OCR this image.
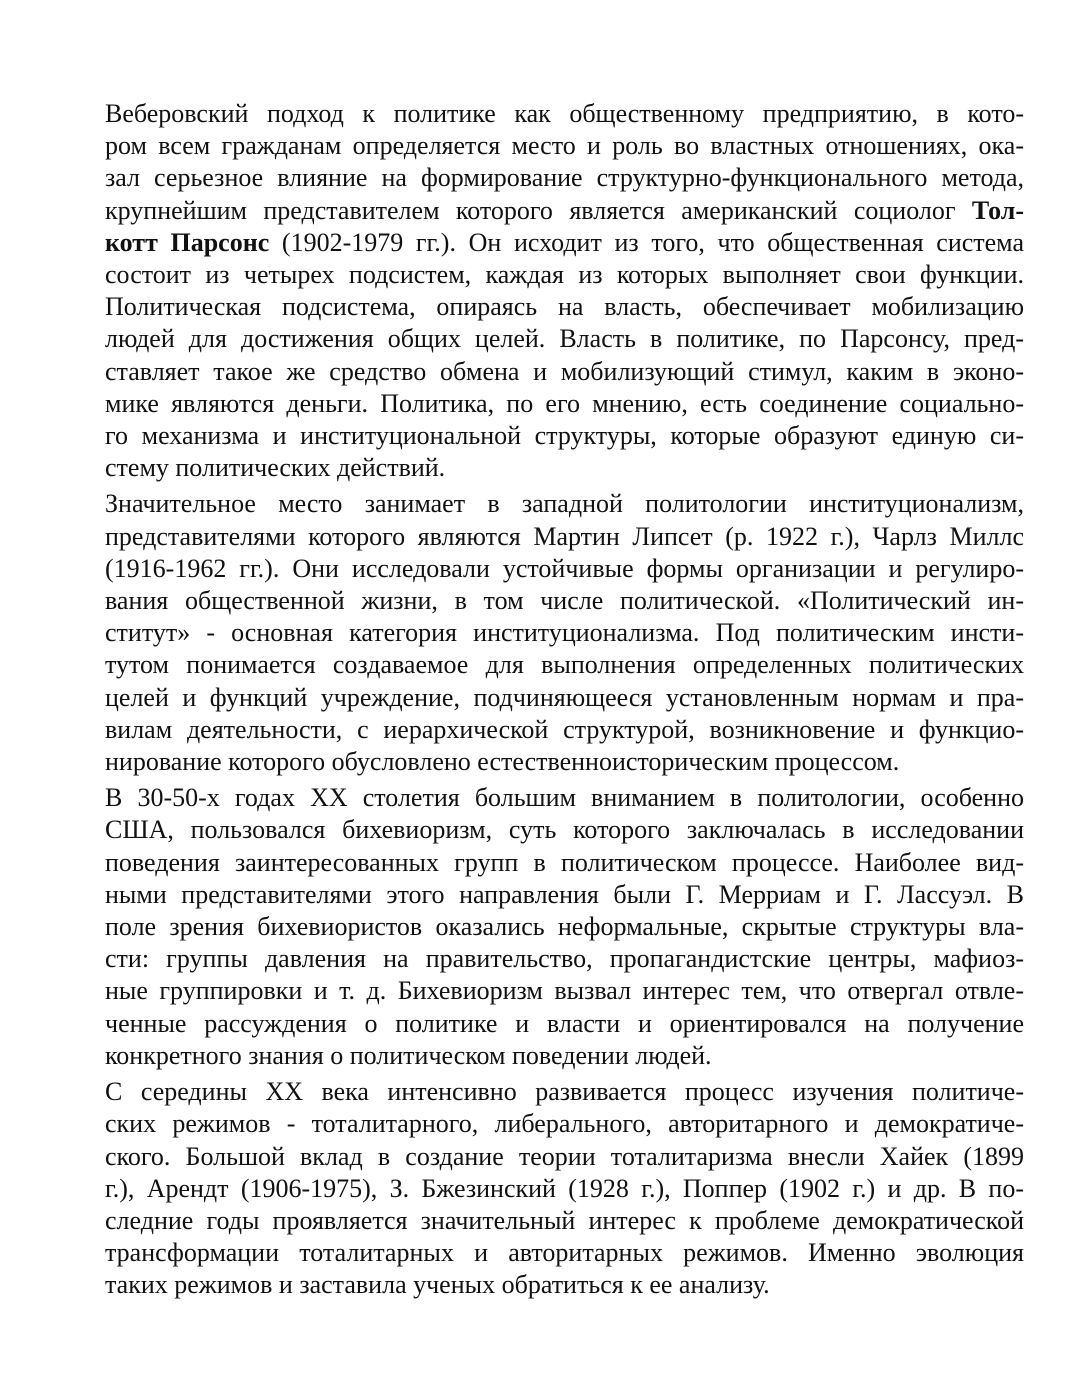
Веберовский подход к политике как общественному предприятию, в кото-
ром всем гражданам определяется место и роль во властных отношениях, ока-
зал серьезное влияние на формирование структурно-функционального метода,
крупнейшим представителем которого является американский социолог Тол-
котт Парсонс (1902-1979 гг.). Он исходит из того, что общественная система
состоит из четырех подсистем, каждая из которых выполняет свои функции.
Политическая подсистема, опираясь на власть, обеспечивает мобилизацию
людей для достижения общих целей. Власть в политике, по Парсонсу, пред-
ставляет такое же средство обмена и мобилизующий стимул, каким в эконо-
мике являются деньги. Политика, по его мнению, есть соединение социально-
го механизма и институциональной структуры, которые образуют единую си-
стему политических действий.

Значительное место занимает в западной политологии институционализм,
представителями которого являются Мартин Липсет (р. 1922 г.), Чарлз Миллс
(1916-1962 гг.). Они исследовали устойчивые формы организации и регулиро-
вания общественной жизни, в том числе политической. «Политический ин-
ститут» - основная категория институционализма. Под политическим инсти-
тутом понимается создаваемое для выполнения определенных политических
целей и функций учреждение, подчиняющееся установленным нормам и пра-
вилам деятельности, с иерархической структурой, возникновение и функцио-
нирование которого обусловлено естественноисторическим процессом.

В 30-50-х годах XX столетия большим вниманием в политологии, особенно
США, пользовался бихевиоризм, суть которого заключалась в исследовании
поведения заинтересованных групп в политическом процессе. Наиболее вид-
ными представителями этого направления были Г. Мерриам и Г. Лассуэл. В
поле зрения бихевиористов оказались неформальные, скрытые структуры вла-
сти: группы давления на правительство, пропагандистские центры, мафиоз-
ные группировки и т. д. Бихевиоризм вызвал интерес тем, что отвергал отвле-
ченные рассуждения о политике и власти и ориентировался на получение
конкретного знания о политическом поведении людей.

С середины XX века интенсивно развивается процесс изучения политиче-
ских режимов - тоталитарного, либерального, авторитарного и демократиче-
ского. Большой вклад в создание теории тоталитаризма внесли Хайек (1899
г.), Арендт (1906-1975), З. Бжезинский (1928 г.), Поппер (1902 г.) и др. В по-
следние годы проявляется значительный интерес к проблеме демократической
трансформации тоталитарных и авторитарных режимов. Именно эволюция
таких режимов и заставила ученых обратиться к ее анализу.
